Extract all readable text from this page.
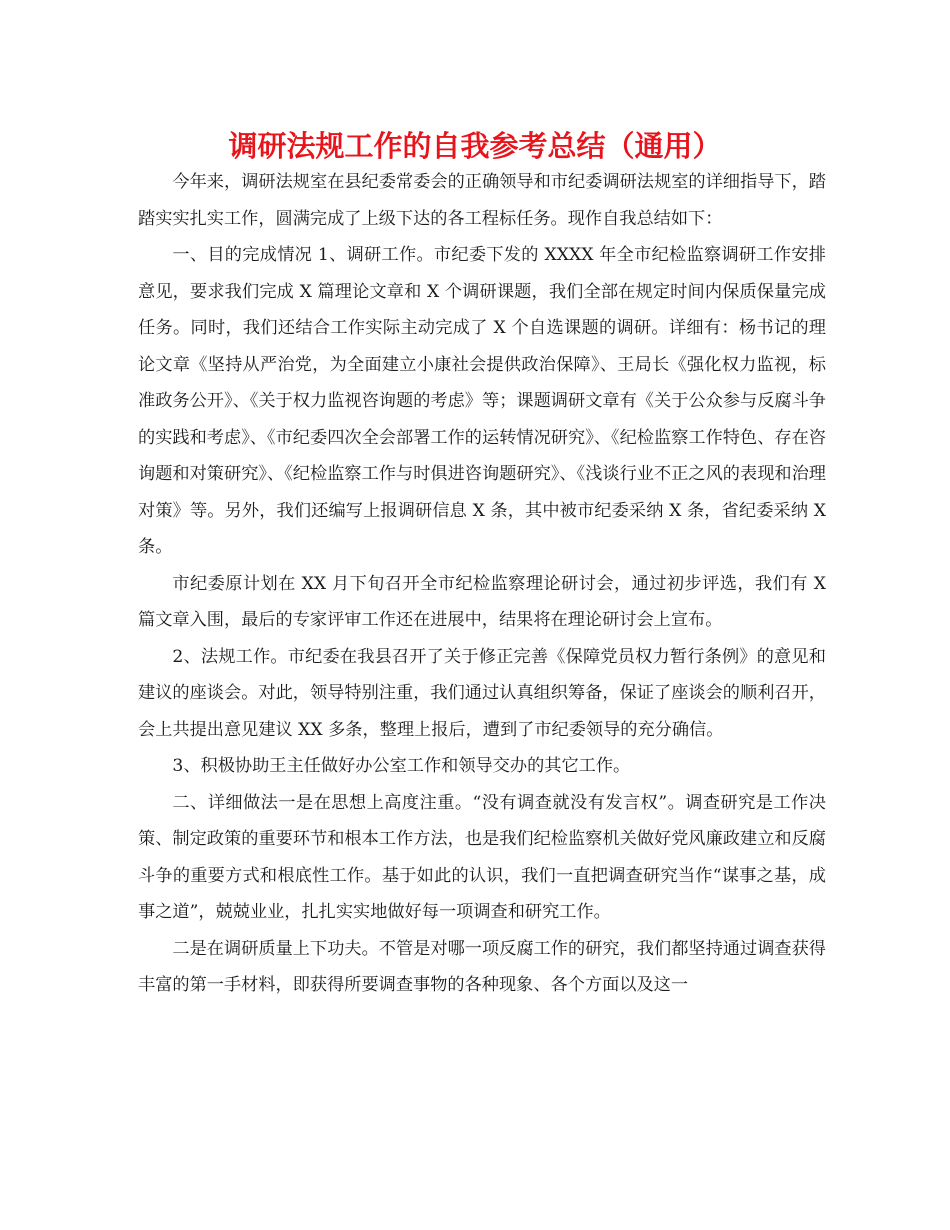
调研法规工作的自我参考总结（通用）

今年来，调研法规室在县纪委常委会的正确领导和市纪委调研法规室的详细指导下，踏踏实实扎实工作，圆满完成了上级下达的各工程标任务。现作自我总结如下：

一、目的完成情况 1、调研工作。市纪委下发的 XXXX 年全市纪检监察调研工作安排意见，要求我们完成 X 篇理论文章和 X 个调研课题，我们全部在规定时间内保质保量完成任务。同时，我们还结合工作实际主动完成了 X 个自选课题的调研。详细有：杨书记的理论文章《坚持从严治党，为全面建立小康社会提供政治保障》、王局长《强化权力监视，标准政务公开》、《关于权力监视咨询题的考虑》等；课题调研文章有《关于公众参与反腐斗争的实践和考虑》、《市纪委四次全会部署工作的运转情况研究》、《纪检监察工作特色、存在咨询题和对策研究》、《纪检监察工作与时俱进咨询题研究》、《浅谈行业不正之风的表现和治理对策》等。另外，我们还编写上报调研信息 X 条，其中被市纪委采纳 X 条，省纪委采纳 X 条。

市纪委原计划在 XX 月下旬召开全市纪检监察理论研讨会，通过初步评选，我们有 X 篇文章入围，最后的专家评审工作还在进展中，结果将在理论研讨会上宣布。

2、法规工作。市纪委在我县召开了关于修正完善《保障党员权力暂行条例》的意见和建议的座谈会。对此，领导特别注重，我们通过认真组织筹备，保证了座谈会的顺利召开，会上共提出意见建议 XX 多条，整理上报后，遭到了市纪委领导的充分确信。

3、积极协助王主任做好办公室工作和领导交办的其它工作。

二、详细做法一是在思想上高度注重。“没有调查就没有发言权”。调查研究是工作决策、制定政策的重要环节和根本工作方法，也是我们纪检监察机关做好党风廉政建立和反腐斗争的重要方式和根底性工作。基于如此的认识，我们一直把调查研究当作“谋事之基，成事之道”，兢兢业业，扎扎实实地做好每一项调查和研究工作。

二是在调研质量上下功夫。不管是对哪一项反腐工作的研究，我们都坚持通过调查获得丰富的第一手材料，即获得所要调查事物的各种现象、各个方面以及这一
